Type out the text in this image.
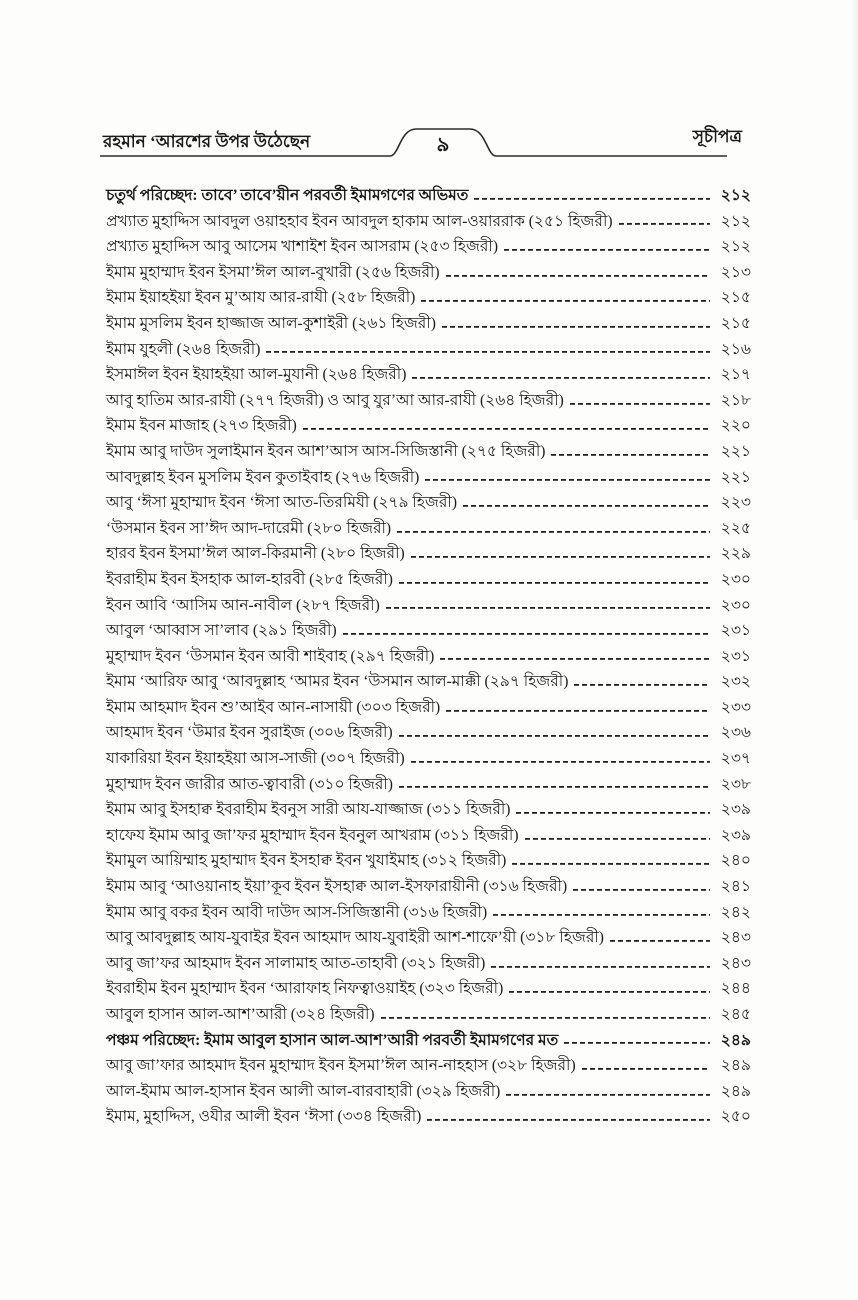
রহমান ‘আরশের উপর উঠেছেন	সূচীপত্র
৯
চতুর্থ পরিচ্ছেদ: তাবে’ তাবে’য়ীন পরবর্তী ইমামগণের অভিমত	২১২
প্রখ্যাত মুহাদ্দিস আবদুল ওয়াহহাব ইবন আবদুল হাকাম আল-ওয়াররাক (২৫১ হিজরী)	২১২
প্রখ্যাত মুহাদ্দিস আবু আসেম খাশাইশ ইবন আসরাম (২৫৩ হিজরী)	২১২
ইমাম মুহাম্মাদ ইবন ইসমা’ঈল আল-বুখারী (২৫৬ হিজরী)	২১৩
ইমাম ইয়াহইয়া ইবন মু’আয আর-রাযী (২৫৮ হিজরী)	২১৫
ইমাম মুসলিম ইবন হাজ্জাজ আল-কুশাইরী (২৬১ হিজরী)	২১৫
ইমাম যুহলী (২৬৪ হিজরী)	২১৬
ইসমাঈল ইবন ইয়াহইয়া আল-মুযানী (২৬৪ হিজরী)	২১৭
আবু হাতিম আর-রাযী (২৭৭ হিজরী) ও আবু যুর’আ আর-রাযী (২৬৪ হিজরী)	২১৮
ইমাম ইবন মাজাহ (২৭৩ হিজরী)	২২০
ইমাম আবু দাউদ সুলাইমান ইবন আশ’আস আস-সিজিস্তানী (২৭৫ হিজরী)	২২১
আবদুল্লাহ ইবন মুসলিম ইবন কুতাইবাহ (২৭৬ হিজরী)	২২১
আবু ‘ঈসা মুহাম্মাদ ইবন ‘ঈসা আত-তিরমিযী (২৭৯ হিজরী)	২২৩
‘উসমান ইবন সা’ঈদ আদ-দারেমী (২৮০ হিজরী)	২২৫
হারব ইবন ইসমা’ঈল আল-কিরমানী (২৮০ হিজরী)	২২৯
ইবরাহীম ইবন ইসহাক আল-হারবী (২৮৫ হিজরী)	২৩০
ইবন আবি ‘আসিম আন-নাবীল (২৮৭ হিজরী)	২৩০
আবুল ‘আব্বাস সা’লাব (২৯১ হিজরী)	২৩১
মুহাম্মাদ ইবন ‘উসমান ইবন আবী শাইবাহ (২৯৭ হিজরী)	২৩১
ইমাম ‘আরিফ আবু ‘আবদুল্লাহ ‘আমর ইবন ‘উসমান আল-মাক্কী (২৯৭ হিজরী)	২৩২
ইমাম আহমাদ ইবন শু’আইব আন-নাসায়ী (৩০৩ হিজরী)	২৩৩
আহমাদ ইবন ‘উমার ইবন সুরাইজ (৩০৬ হিজরী)	২৩৬
যাকারিয়া ইবন ইয়াহইয়া আস-সাজী (৩০৭ হিজরী)	২৩৭
মুহাম্মাদ ইবন জারীর আত-ত্বাবারী (৩১০ হিজরী)	২৩৮
ইমাম আবু ইসহাক্ব ইবরাহীম ইবনুস সারী আয-যাজ্জাজ (৩১১ হিজরী)	২৩৯
হাফেয ইমাম আবু জা’ফর মুহাম্মাদ ইবন ইবনুল আখরাম (৩১১ হিজরী)	২৩৯
ইমামুল আয়িম্মাহ মুহাম্মাদ ইবন ইসহাক্ব ইবন খুযাইমাহ (৩১২ হিজরী)	২৪০
ইমাম আবু ‘আওয়ানাহ ইয়া’কূব ইবন ইসহাক্ব আল-ইসফারায়ীনী (৩১৬ হিজরী)	২৪১
ইমাম আবু বকর ইবন আবী দাউদ আস-সিজিস্তানী (৩১৬ হিজরী)	২৪২
আবু আবদুল্লাহ আয-যুবাইর ইবন আহমাদ আয-যুবাইরী আশ-শাফে’য়ী (৩১৮ হিজরী)	২৪৩
আবু জা’ফর আহমাদ ইবন সালামাহ আত-তাহাবী (৩২১ হিজরী)	২৪৩
ইবরাহীম ইবন মুহাম্মাদ ইবন ‘আরাফাহ নিফত্বাওয়াইহ (৩২৩ হিজরী)	২৪৪
আবুল হাসান আল-আশ’আরী (৩২৪ হিজরী)	২৪৫
পঞ্চম পরিচ্ছেদ: ইমাম আবুল হাসান আল-আশ’আরী পরবর্তী ইমামগণের মত	২৪৯
আবু জা’ফার আহমাদ ইবন মুহাম্মাদ ইবন ইসমা’ঈল আন-নাহহাস (৩২৮ হিজরী)	২৪৯
আল-ইমাম আল-হাসান ইবন আলী আল-বারবাহারী (৩২৯ হিজরী)	২৪৯
ইমাম, মুহাদ্দিস, ওযীর আলী ইবন ‘ঈসা (৩৩৪ হিজরী)	২৫০
